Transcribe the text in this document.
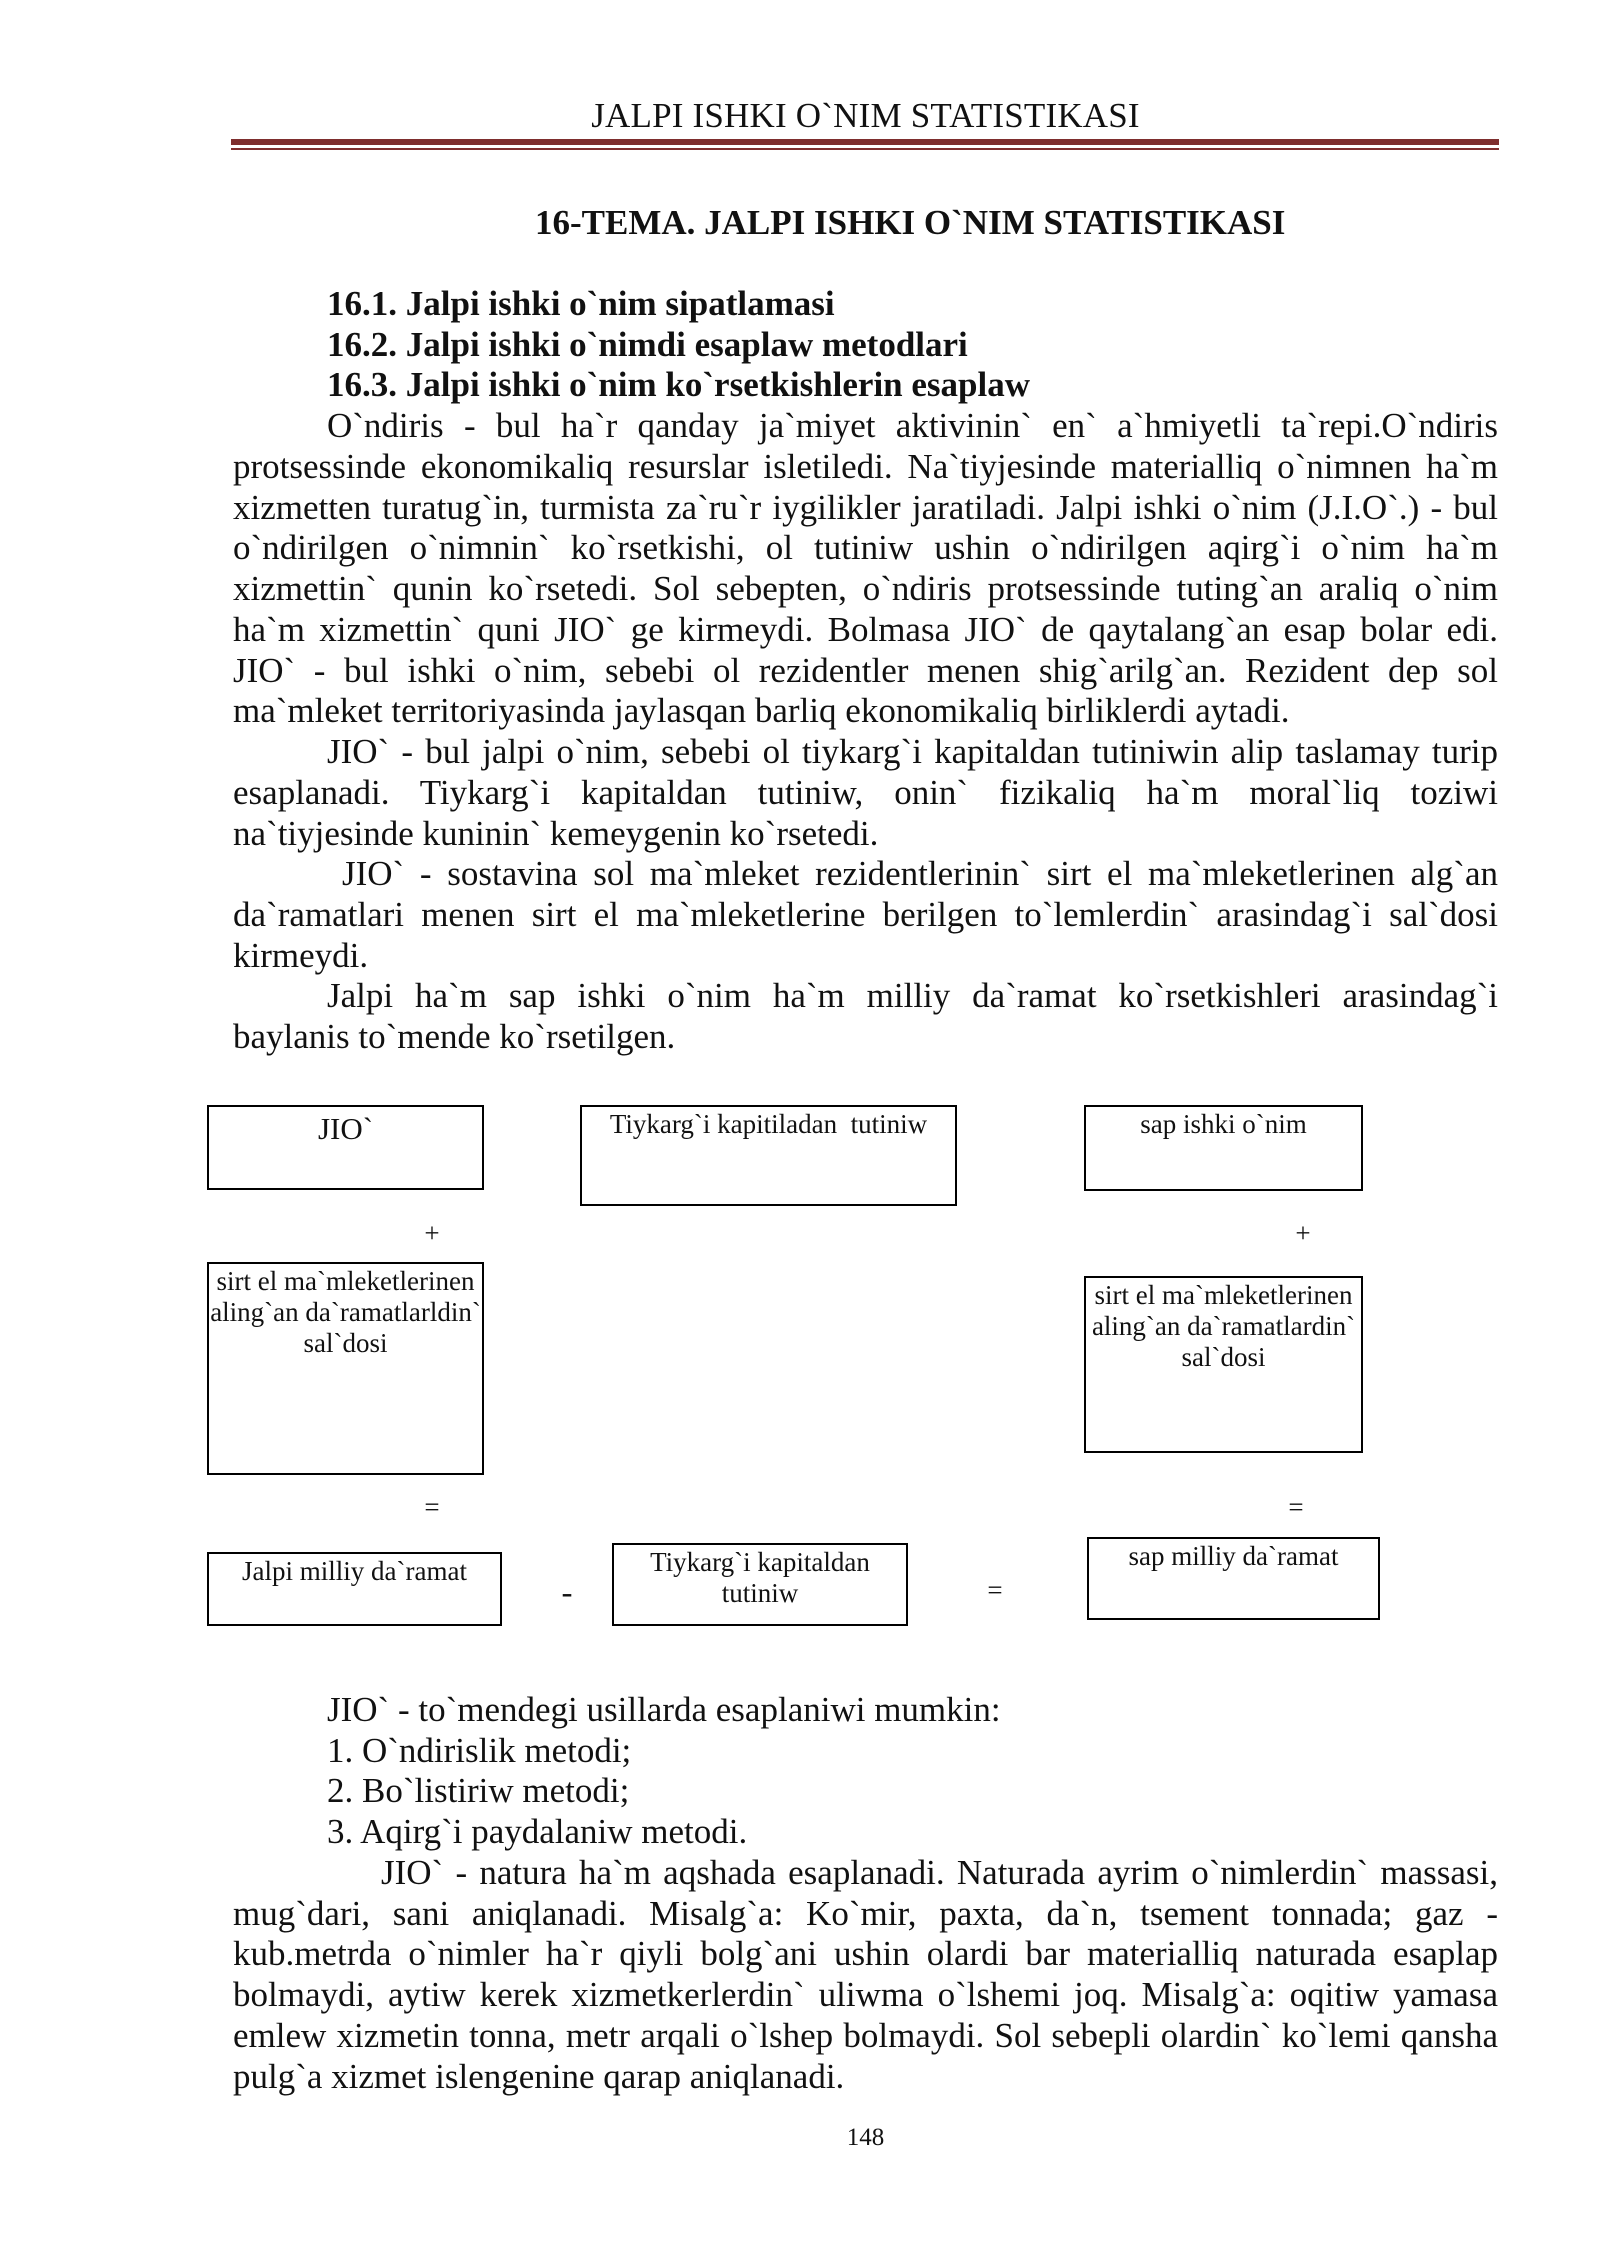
JALPI ISHKI O`NIM STATISTIKASI
16-TEMA. JALPI ISHKI O`NIM STATISTIKASI
16.1. Jalpi ishki o`nim sipatlamasi
16.2. Jalpi ishki o`nimdi esaplaw metodlari
16.3. Jalpi ishki o`nim ko`rsetkishlerin esaplaw

O`ndiris - bul ha`r qanday ja`miyet aktivinin` en` a`hmiyetli ta`repi.O`ndiris protsessinde ekonomikaliq resurslar isletiledi. Na`tiyjesinde materialliq o`nimnen ha`m xizmetten turatug`in, turmista za`ru`r iygilikler jaratiladi. Jalpi ishki o`nim (J.I.O`.) - bul o`ndirilgen o`nimnin` ko`rsetkishi, ol tutiniw ushin o`ndirilgen aqirg`i o`nim ha`m xizmettin` qunin ko`rsetedi. Sol sebepten, o`ndiris protsessinde tuting`an araliq o`nim ha`m xizmettin` quni JIO` ge kirmeydi. Bolmasa JIO` de qaytalang`an esap bolar edi. JIO` - bul ishki o`nim, sebebi ol rezidentler menen shig`arilg`an. Rezident dep sol ma`mleket territoriyasinda jaylasqan barliq ekonomikaliq birliklerdi aytadi.

JIO` - bul jalpi o`nim, sebebi ol tiykarg`i kapitaldan tutiniwin alip taslamay turip esaplanadi. Tiykarg`i kapitaldan tutiniw, onin` fizikaliq ha`m moral`liq toziwi na`tiyjesinde kuninin` kemeygenin ko`rsetedi.

JIO` - sostavina sol ma`mleket rezidentlerinin` sirt el ma`mleketlerinen alg`an da`ramatlari menen sirt el ma`mleketlerine berilgen to`lemlerdin` arasindag`i sal`dosi kirmeydi.

Jalpi ha`m sap ishki o`nim ha`m milliy da`ramat ko`rsetkishleri arasindag`i baylanis to`mende ko`rsetilgen.

JIO`	Tiykarg`i kapitiladan  tutiniw	sap ishki o`nim
+	+
sirt el ma`mleketlerinen
aling`an da`ramatlarldin`
sal`dosi
sirt el ma`mleketlerinen
aling`an da`ramatlardin`
sal`dosi
=	=
Jalpi milliy da`ramat
-
Tiykarg`i kapitaldan
tutiniw	=
sap milliy da`ramat
JIO` - to`mendegi usillarda esaplaniwi mumkin:
1. O`ndirislik metodi;
2. Bo`listiriw metodi;
3. Aqirg`i paydalaniw metodi.

JIO` - natura ha`m aqshada esaplanadi. Naturada ayrim o`nimlerdin` massasi, mug`dari, sani aniqlanadi. Misalg`a: Ko`mir, paxta, da`n, tsement tonnada; gaz - kub.metrda o`nimler ha`r qiyli bolg`ani ushin olardi bar materialliq naturada esaplap bolmaydi, aytiw kerek xizmetkerlerdin` uliwma o`lshemi joq. Misalg`a: oqitiw yamasa emlew xizmetin tonna, metr arqali o`lshep bolmaydi. Sol sebepli olardin` ko`lemi qansha pulg`a xizmet islengenine qarap aniqlanadi.

148
